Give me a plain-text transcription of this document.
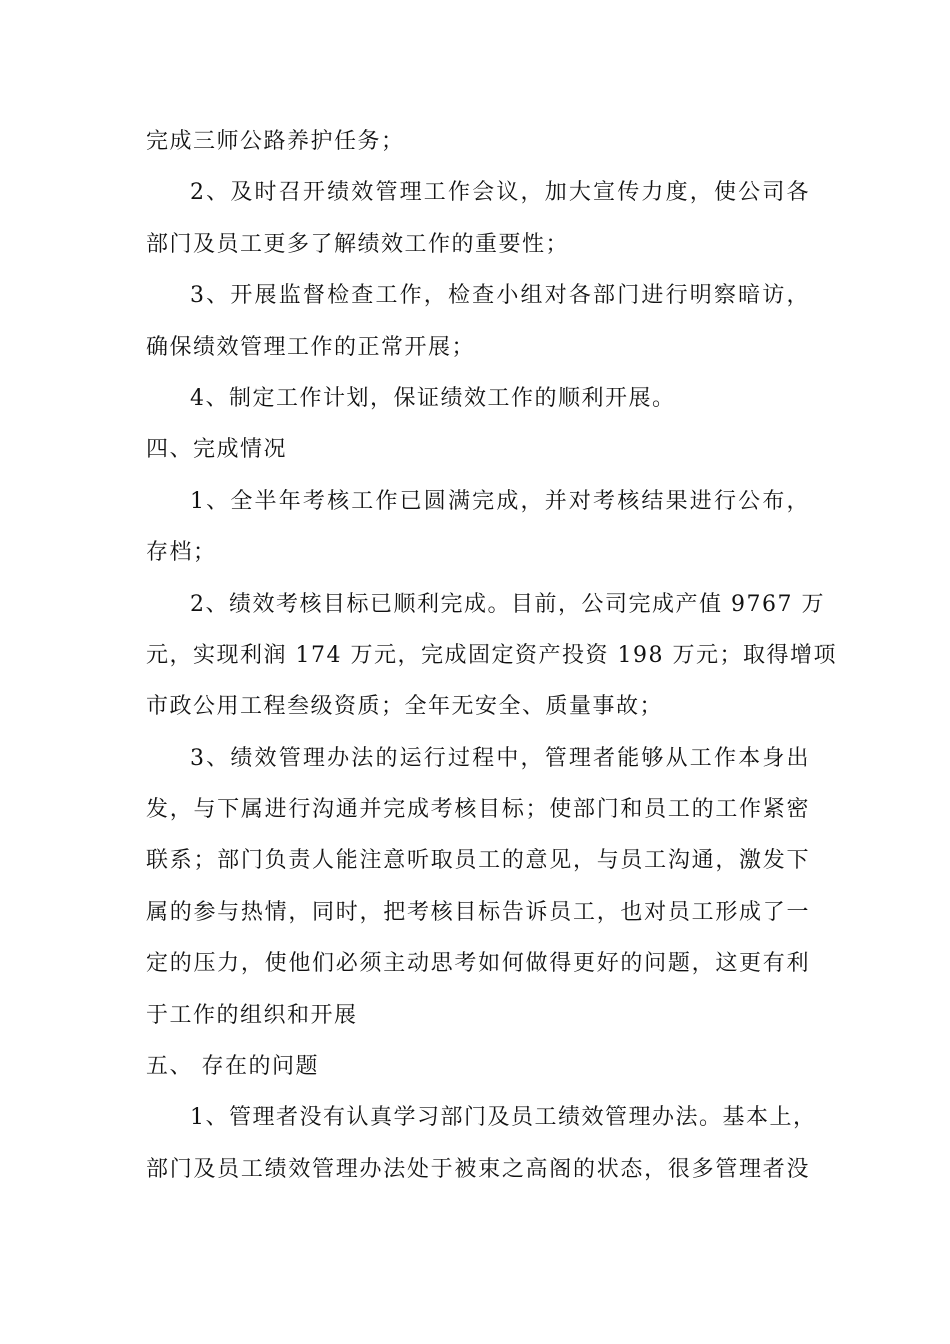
完成三师公路养护任务；
2、及时召开绩效管理工作会议，加大宣传力度，使公司各
部门及员工更多了解绩效工作的重要性；
3、开展监督检查工作，检查小组对各部门进行明察暗访，
确保绩效管理工作的正常开展；
4、制定工作计划，保证绩效工作的顺利开展。
四、完成情况
1、全半年考核工作已圆满完成，并对考核结果进行公布，
存档；
2、绩效考核目标已顺利完成。目前，公司完成产值 9767 万
元，实现利润 174 万元，完成固定资产投资 198 万元；取得增项
市政公用工程叁级资质；全年无安全、质量事故；
3、绩效管理办法的运行过程中，管理者能够从工作本身出
发，与下属进行沟通并完成考核目标；使部门和员工的工作紧密
联系；部门负责人能注意听取员工的意见，与员工沟通，激发下
属的参与热情，同时，把考核目标告诉员工，也对员工形成了一
定的压力，使他们必须主动思考如何做得更好的问题，这更有利
于工作的组织和开展
五、 存在的问题
1、管理者没有认真学习部门及员工绩效管理办法。基本上，
部门及员工绩效管理办法处于被束之高阁的状态，很多管理者没
